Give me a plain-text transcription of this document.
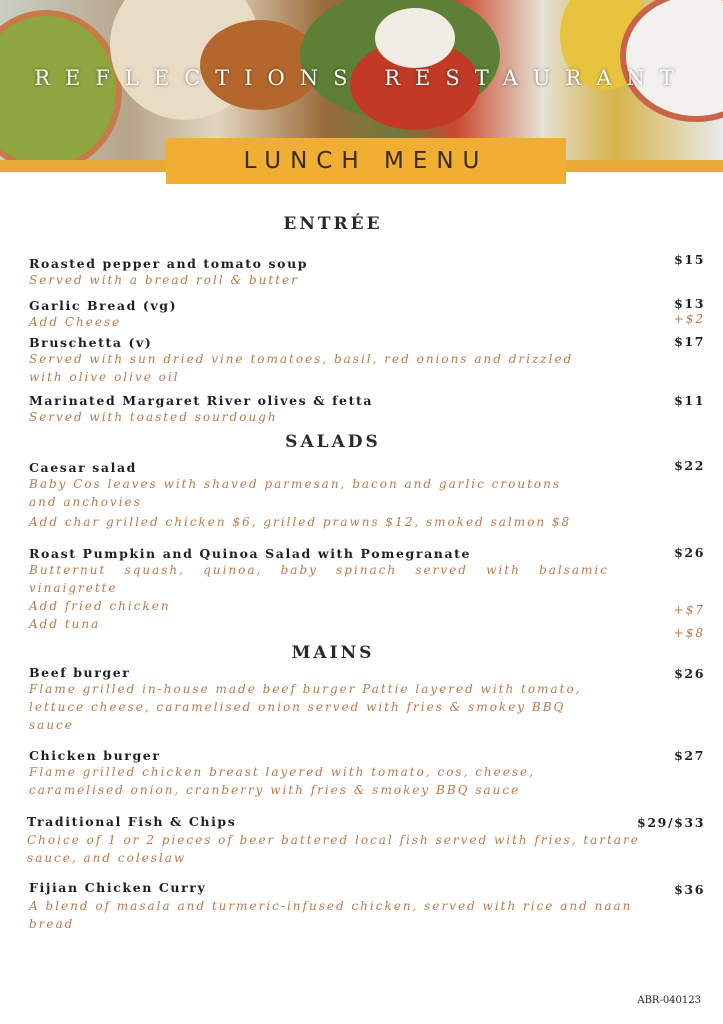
REFLECTIONS RESTAURANT
LUNCH MENU
ENTRÉE
Roasted pepper and tomato soup
Served with a bread roll & butter
$15
Garlic Bread (vg)
Add Cheese
$13
+$2
Bruschetta (v)
Served with sun dried vine tomatoes, basil, red onions and drizzled with olive olive oil
$17
Marinated Margaret River olives & fetta
Served with toasted sourdough
$11
SALADS
Caesar salad
Baby Cos leaves with shaved parmesan, bacon and garlic croutons and anchovies
Add char grilled chicken $6, grilled prawns $12, smoked salmon $8
$22
Roast Pumpkin and Quinoa Salad with Pomegranate
Butternut squash, quinoa, baby spinach served with balsamic vinaigrette
Add fried chicken
Add tuna
$26
+$7
+$8
MAINS
Beef burger
Flame grilled in-house made beef burger Pattie layered with tomato, lettuce cheese, caramelised onion served with fries & smokey BBQ sauce
$26
Chicken burger
Flame grilled chicken breast layered with tomato, cos, cheese, caramelised onion, cranberry with fries & smokey BBQ sauce
$27
Traditional Fish & Chips
Choice of 1 or 2 pieces of beer battered local fish served with fries, tartare sauce, and coleslaw
$29/$33
Fijian Chicken Curry
A blend of masala and turmeric-infused chicken, served with rice and naan bread
$36
ABR-040123
